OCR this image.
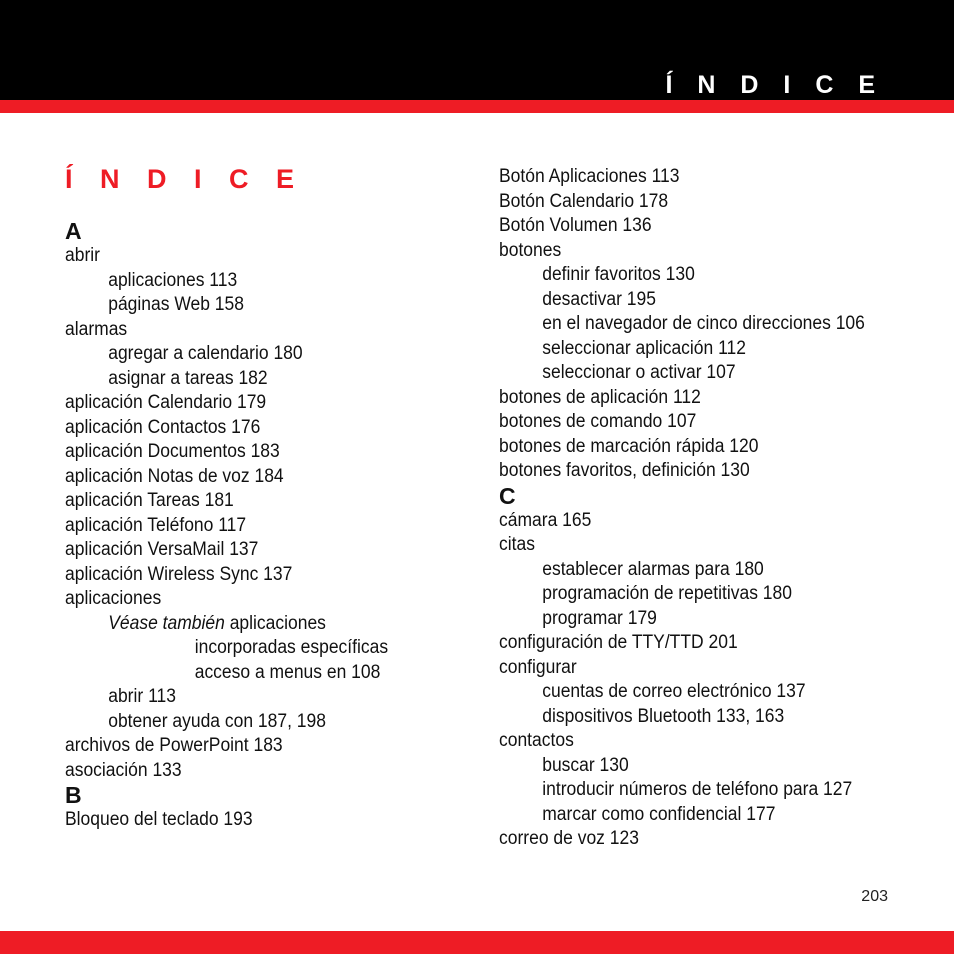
Í N D I C E
Í N D I C E
A
abrir
aplicaciones 113
páginas Web 158
alarmas
agregar a calendario 180
asignar a tareas 182
aplicación Calendario 179
aplicación Contactos 176
aplicación Documentos 183
aplicación Notas de voz 184
aplicación Tareas 181
aplicación Teléfono 117
aplicación VersaMail 137
aplicación Wireless Sync 137
aplicaciones
Véase también aplicaciones
incorporadas específicas
acceso a menus en 108
abrir 113
obtener ayuda con 187, 198
archivos de PowerPoint 183
asociación 133
B
Bloqueo del teclado 193
Botón Aplicaciones 113
Botón Calendario 178
Botón Volumen 136
botones
definir favoritos 130
desactivar 195
en el navegador de cinco direcciones 106
seleccionar aplicación 112
seleccionar o activar 107
botones de aplicación 112
botones de comando 107
botones de marcación rápida 120
botones favoritos, definición 130
C
cámara 165
citas
establecer alarmas para 180
programación de repetitivas 180
programar 179
configuración de TTY/TTD 201
configurar
cuentas de correo electrónico 137
dispositivos Bluetooth 133, 163
contactos
buscar 130
introducir números de teléfono para 127
marcar como confidencial 177
correo de voz 123
203
